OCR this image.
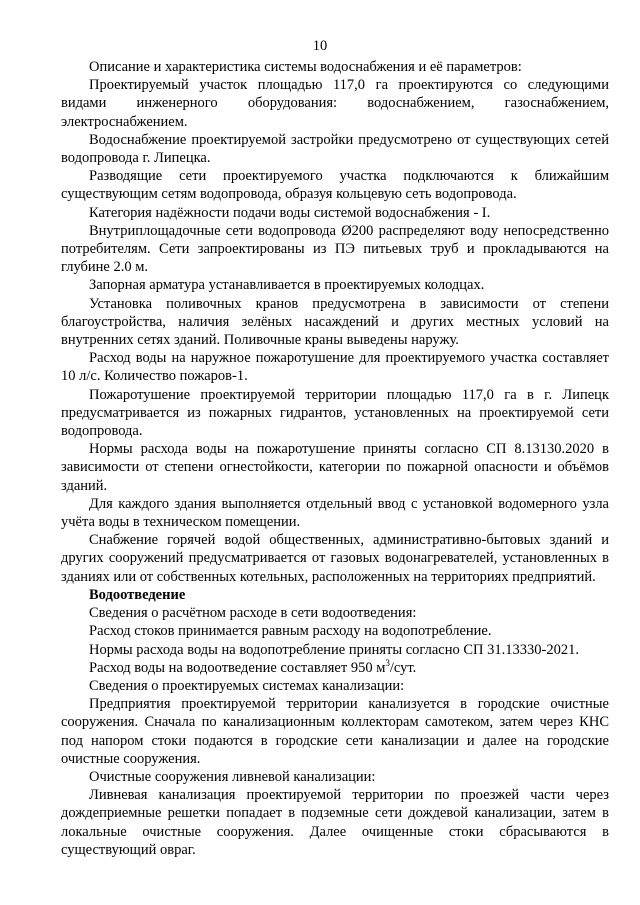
10

Описание и характеристика системы водоснабжения и её параметров:

Проектируемый участок площадью 117,0 га проектируются со следующими видами инженерного оборудования: водоснабжением, газоснабжением, электроснабжением.

Водоснабжение проектируемой застройки предусмотрено от существующих сетей водопровода г. Липецка.

Разводящие сети проектируемого участка подключаются к ближайшим существующим сетям водопровода, образуя кольцевую сеть водопровода.

Категория надёжности подачи воды системой водоснабжения - I.

Внутриплощадочные сети водопровода Ø200 распределяют воду непосредственно потребителям. Сети запроектированы из ПЭ питьевых труб и прокладываются на глубине 2.0 м.

Запорная арматура устанавливается в проектируемых колодцах.

Установка поливочных кранов предусмотрена в зависимости от степени благоустройства, наличия зелёных насаждений и других местных условий на внутренних сетях зданий. Поливочные краны выведены наружу.

Расход воды на наружное пожаротушение для проектируемого участка составляет 10 л/с. Количество пожаров-1.

Пожаротушение проектируемой территории площадью 117,0 га в г. Липецк предусматривается из пожарных гидрантов, установленных на проектируемой сети водопровода.

Нормы расхода воды на пожаротушение приняты согласно СП 8.13130.2020 в зависимости от степени огнестойкости, категории по пожарной опасности и объёмов зданий.

Для каждого здания выполняется отдельный ввод с установкой водомерного узла учёта воды в техническом помещении.

Снабжение горячей водой общественных, административно-бытовых зданий и других сооружений предусматривается от газовых водонагревателей, установленных в зданиях или от собственных котельных, расположенных на территориях предприятий.

Водоотведение

Сведения о расчётном расходе в сети водоотведения:

Расход стоков принимается равным расходу на водопотребление.

Нормы расхода воды на водопотребление приняты согласно СП 31.13330-2021.

Расход воды на водоотведение составляет 950 $м^3$/сут.

Сведения о проектируемых системах канализации:

Предприятия проектируемой территории канализуется в городские очистные сооружения. Сначала по канализационным коллекторам самотеком, затем через КНС под напором стоки подаются в городские сети канализации и далее на городские очистные сооружения.

Очистные сооружения ливневой канализации:

Ливневая канализация проектируемой территории по проезжей части через дождеприемные решетки попадает в подземные сети дождевой канализации, затем в локальные очистные сооружения. Далее очищенные стоки сбрасываются в существующий овраг.
